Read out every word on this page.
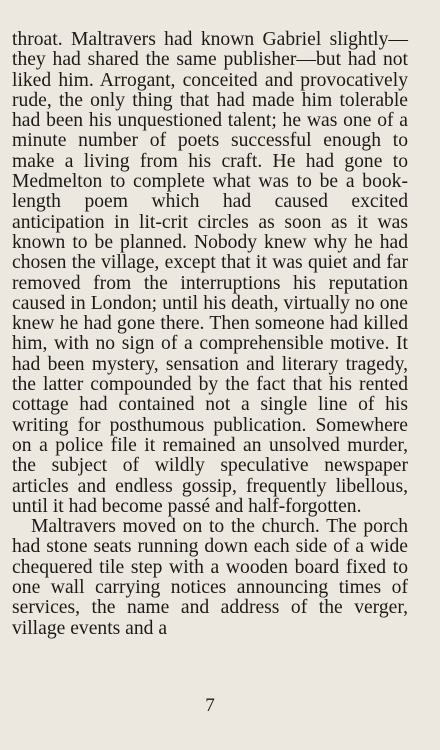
throat. Maltravers had known Gabriel slightly—they had shared the same publisher—but had not liked him. Arrogant, conceited and provocatively rude, the only thing that had made him tolerable had been his unquestioned talent; he was one of a minute number of poets successful enough to make a living from his craft. He had gone to Medmelton to complete what was to be a book-length poem which had caused excited anticipation in lit-crit circles as soon as it was known to be planned. Nobody knew why he had chosen the village, except that it was quiet and far removed from the interruptions his reputation caused in London; until his death, virtually no one knew he had gone there. Then someone had killed him, with no sign of a comprehensible motive. It had been mystery, sensation and literary tragedy, the latter compounded by the fact that his rented cottage had contained not a single line of his writing for posthumous publication. Somewhere on a police file it remained an unsolved murder, the subject of wildly speculative newspaper articles and endless gossip, frequently libellous, until it had become passé and half-forgotten.

Maltravers moved on to the church. The porch had stone seats running down each side of a wide chequered tile step with a wooden board fixed to one wall carrying notices announcing times of services, the name and address of the verger, village events and a

7
